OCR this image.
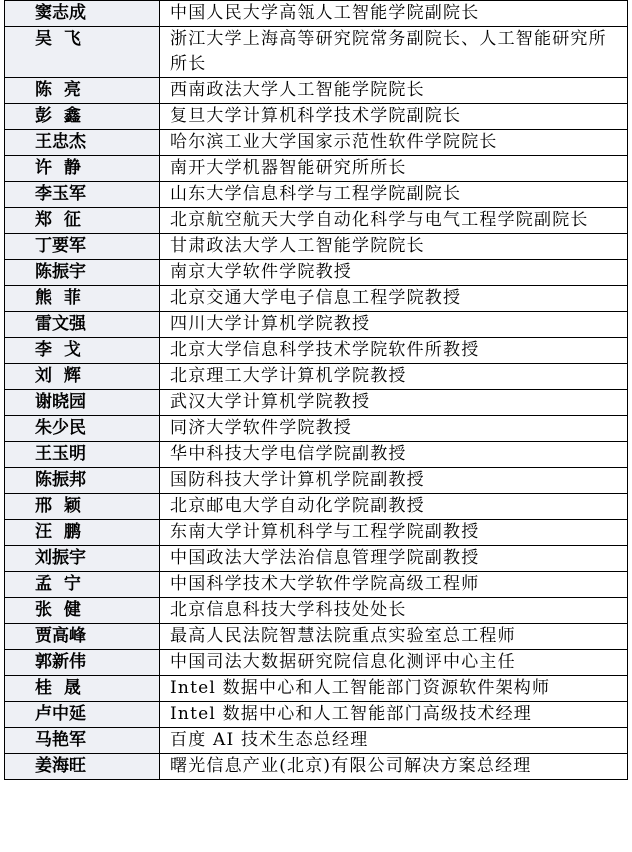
窦志成	中国人民大学高瓴人工智能学院副院长
吴  飞	浙江大学上海高等研究院常务副院长、人工智能研究所所长
陈  亮	西南政法大学人工智能学院院长
彭  鑫	复旦大学计算机科学技术学院副院长
王忠杰	哈尔滨工业大学国家示范性软件学院院长
许  静	南开大学机器智能研究所所长
李玉军	山东大学信息科学与工程学院副院长
郑  征	北京航空航天大学自动化科学与电气工程学院副院长
丁要军	甘肃政法大学人工智能学院院长
陈振宇	南京大学软件学院教授
熊  菲	北京交通大学电子信息工程学院教授
雷文强	四川大学计算机学院教授
李  戈	北京大学信息科学技术学院软件所教授
刘  辉	北京理工大学计算机学院教授
谢晓园	武汉大学计算机学院教授
朱少民	同济大学软件学院教授
王玉明	华中科技大学电信学院副教授
陈振邦	国防科技大学计算机学院副教授
邢  颖	北京邮电大学自动化学院副教授
汪  鹏	东南大学计算机科学与工程学院副教授
刘振宇	中国政法大学法治信息管理学院副教授
孟  宁	中国科学技术大学软件学院高级工程师
张  健	北京信息科技大学科技处处长
贾高峰	最高人民法院智慧法院重点实验室总工程师
郭新伟	中国司法大数据研究院信息化测评中心主任
桂  晟	Intel 数据中心和人工智能部门资源软件架构师
卢中延	Intel 数据中心和人工智能部门高级技术经理
马艳军	百度 AI 技术生态总经理
姜海旺	曙光信息产业(北京)有限公司解决方案总经理
